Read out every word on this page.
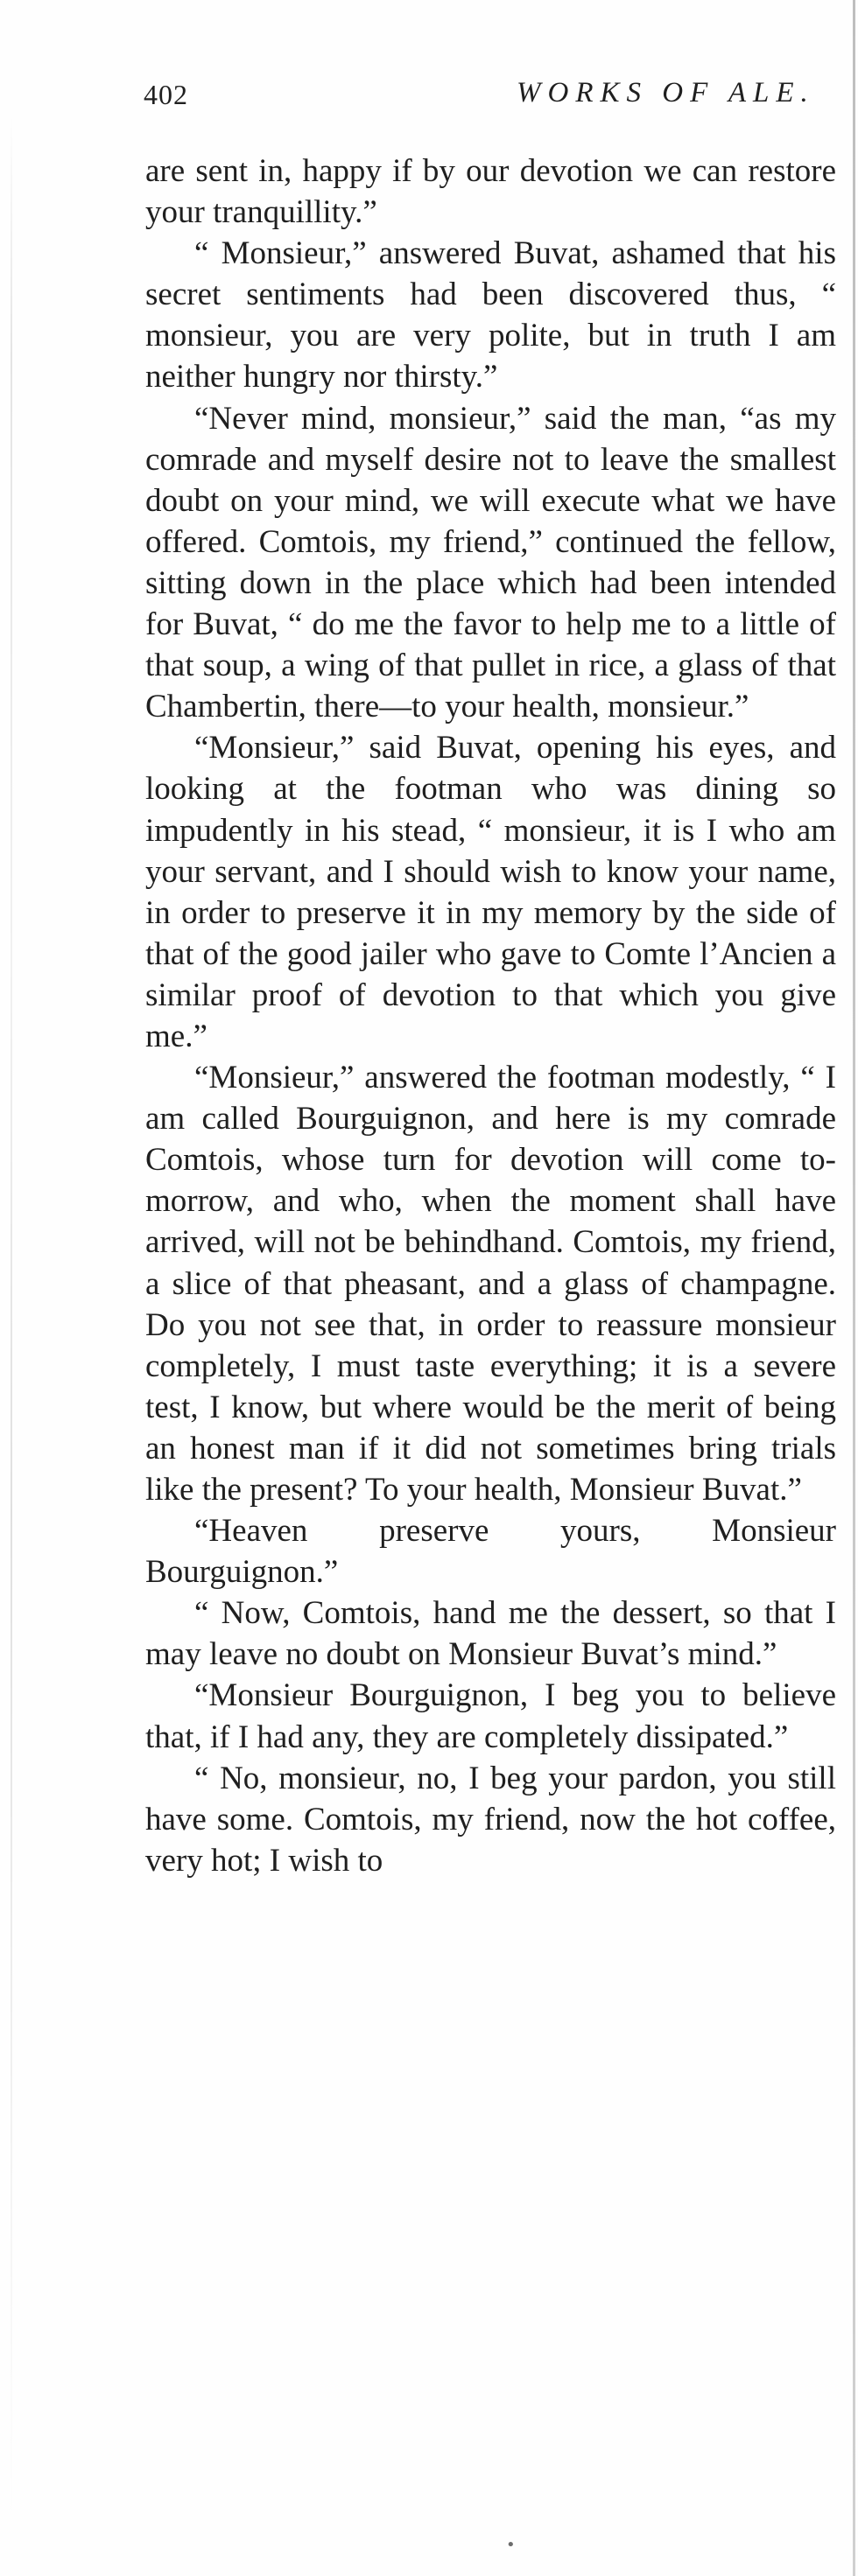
402	WORKS OF ALE.

are sent in, happy if by our devotion we can restore your tranquillity.”

“ Monsieur,” answered Buvat, ashamed that his secret sentiments had been discovered thus, “ monsieur, you are very polite, but in truth I am neither hungry nor thirsty.”

“Never mind, monsieur,” said the man, “as my comrade and myself desire not to leave the smallest doubt on your mind, we will execute what we have offered. Comtois, my friend,” continued the fellow, sitting down in the place which had been intended for Buvat, “ do me the favor to help me to a little of that soup, a wing of that pullet in rice, a glass of that Chambertin, there—to your health, monsieur.”

“Monsieur,” said Buvat, opening his eyes, and looking at the footman who was dining so impudently in his stead, “ monsieur, it is I who am your servant, and I should wish to know your name, in order to preserve it in my memory by the side of that of the good jailer who gave to Comte l’Ancien a similar proof of devotion to that which you give me.”

“Monsieur,” answered the footman modestly, “ I am called Bourguignon, and here is my comrade Comtois, whose turn for devotion will come to-morrow, and who, when the moment shall have arrived, will not be behindhand. Comtois, my friend, a slice of that pheasant, and a glass of champagne. Do you not see that, in order to reassure monsieur completely, I must taste everything; it is a severe test, I know, but where would be the merit of being an honest man if it did not sometimes bring trials like the present? To your health, Monsieur Buvat.”

“Heaven preserve yours, Monsieur Bourguignon.”

“ Now, Comtois, hand me the dessert, so that I may leave no doubt on Monsieur Buvat’s mind.”

“Monsieur Bourguignon, I beg you to believe that, if I had any, they are completely dissipated.”

“ No, monsieur, no, I beg your pardon, you still have some. Comtois, my friend, now the hot coffee, very hot; I wish to

•
